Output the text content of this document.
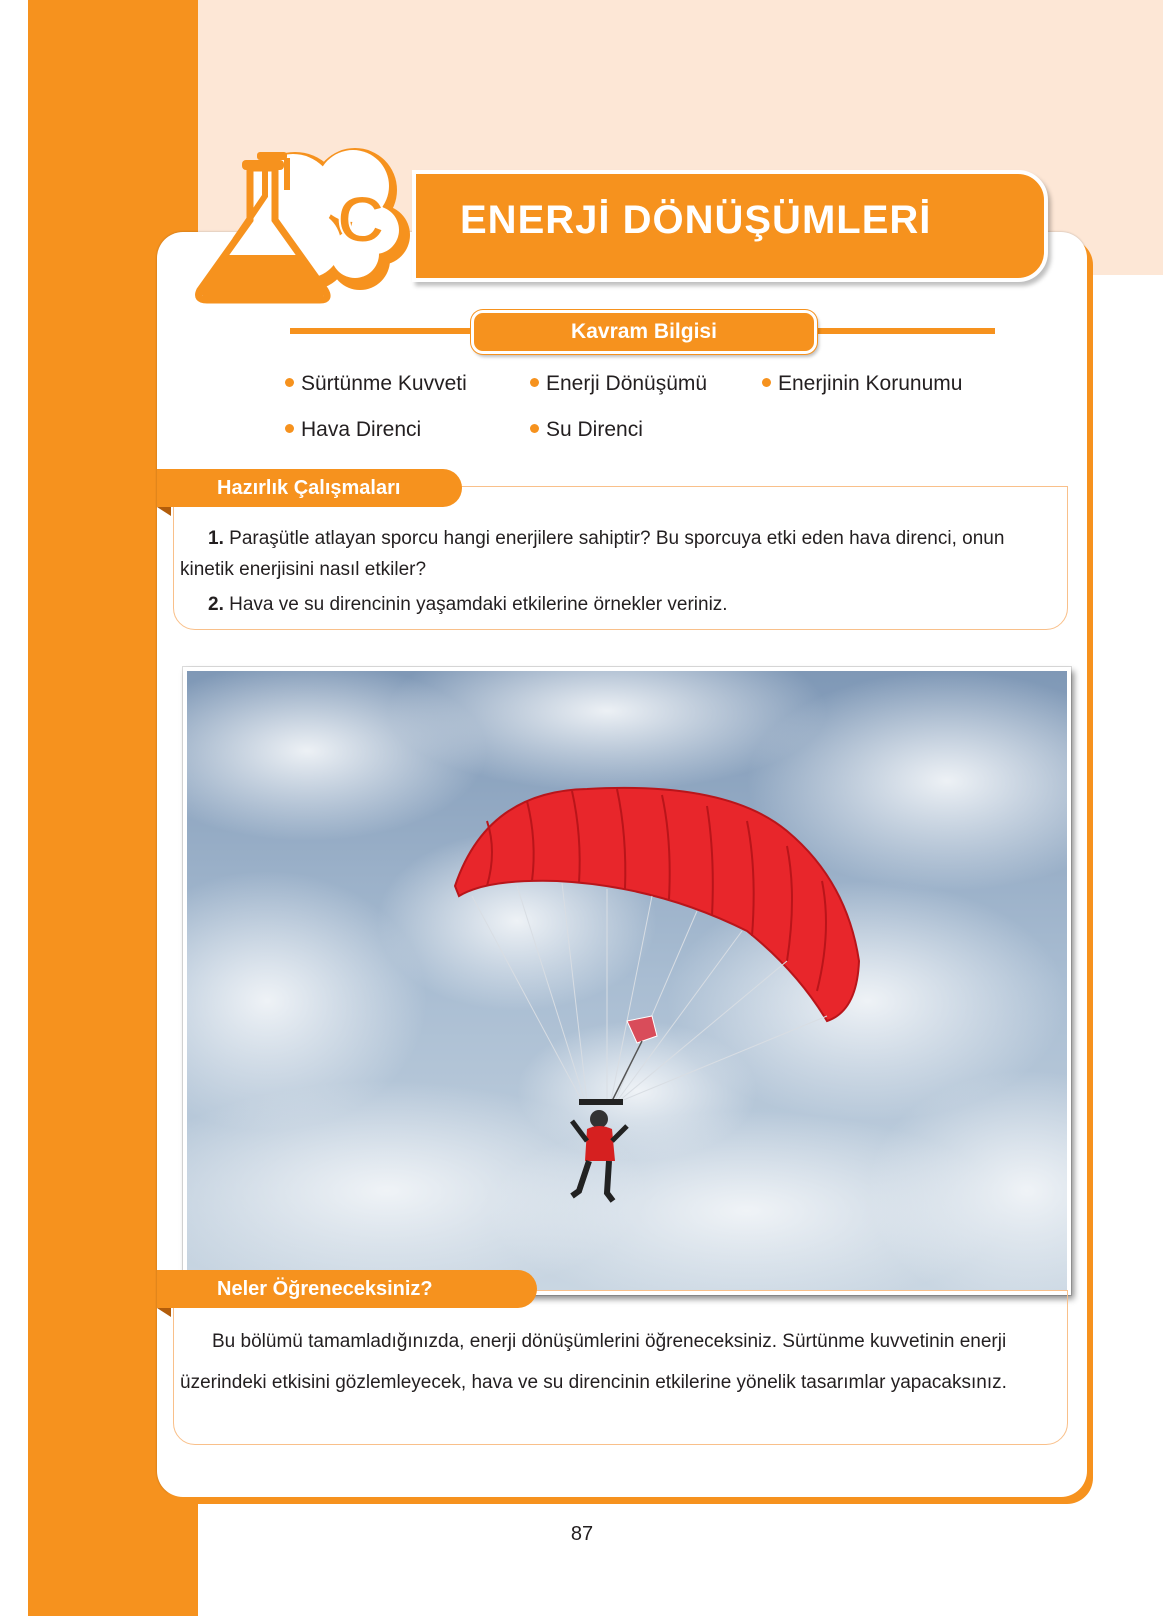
C ENERJİ DÖNÜŞÜMLERİ
Kavram Bilgisi
Sürtünme Kuvveti	Enerji Dönüşümü	Enerjinin Korunumu
Hava Direnci	Su Direnci
Hazırlık Çalışmaları
1. Paraşütle atlayan sporcu hangi enerjilere sahiptir? Bu sporcuya etki eden hava direnci, onun
kinetik enerjisini nasıl etkiler?
2. Hava ve su direncinin yaşamdaki etkilerine örnekler veriniz.
Neler Öğreneceksiniz?
Bu bölümü tamamladığınızda, enerji dönüşümlerini öğreneceksiniz. Sürtünme kuvvetinin enerji
üzerindeki etkisini gözlemleyecek, hava ve su direncinin etkilerine yönelik tasarımlar yapacaksınız.
87
